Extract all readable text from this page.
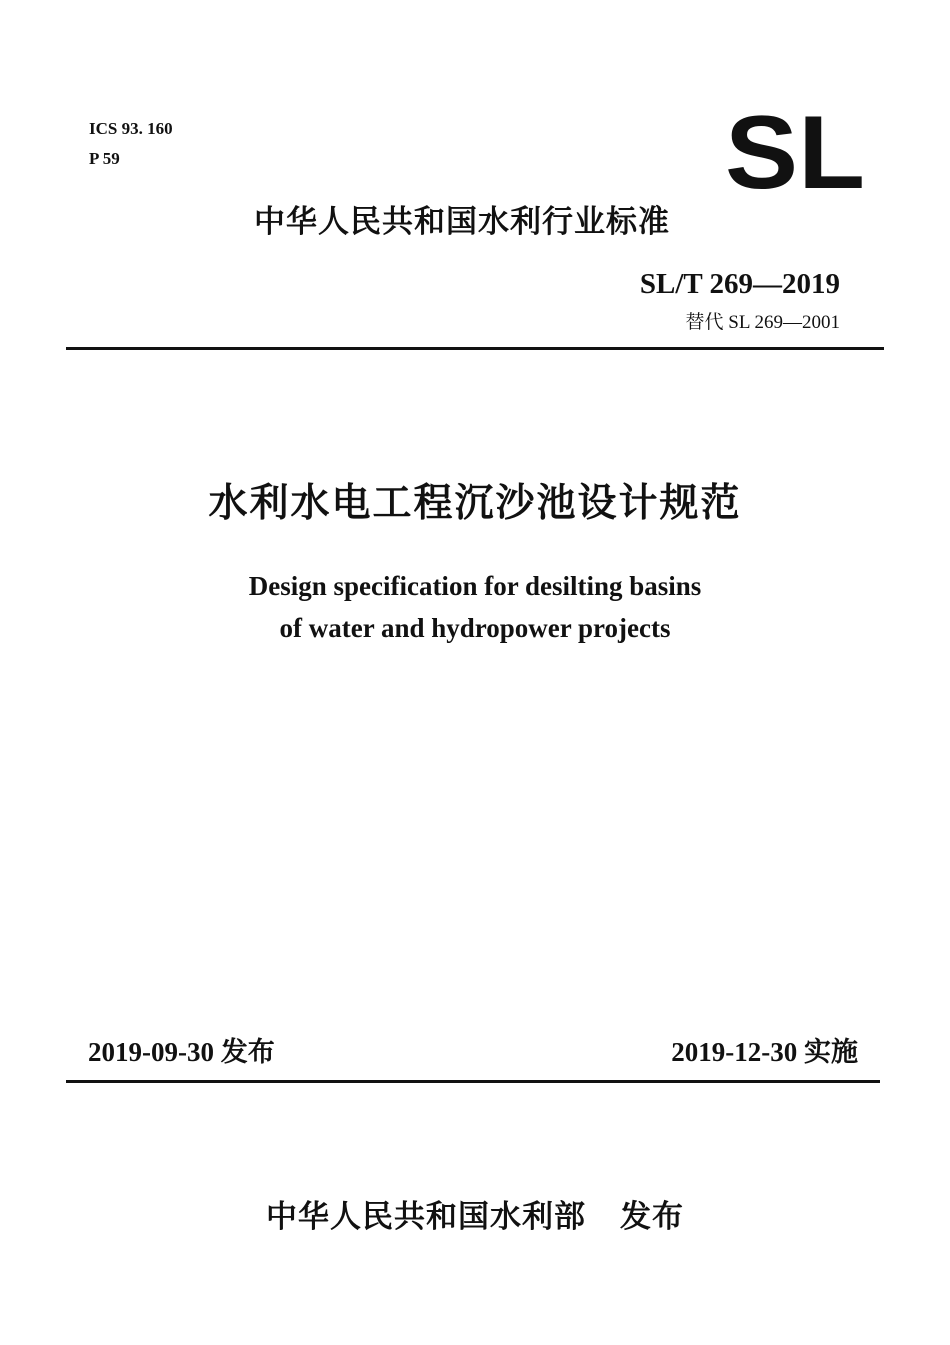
ICS 93. 160
P 59	SL
中华人民共和国水利行业标准
SL/T 269—2019
替代 SL 269—2001
水利水电工程沉沙池设计规范
Design specification for desilting basins
of water and hydropower projects
2019-09-30 发布	2019-12-30 实施
中华人民共和国水利部 发布
